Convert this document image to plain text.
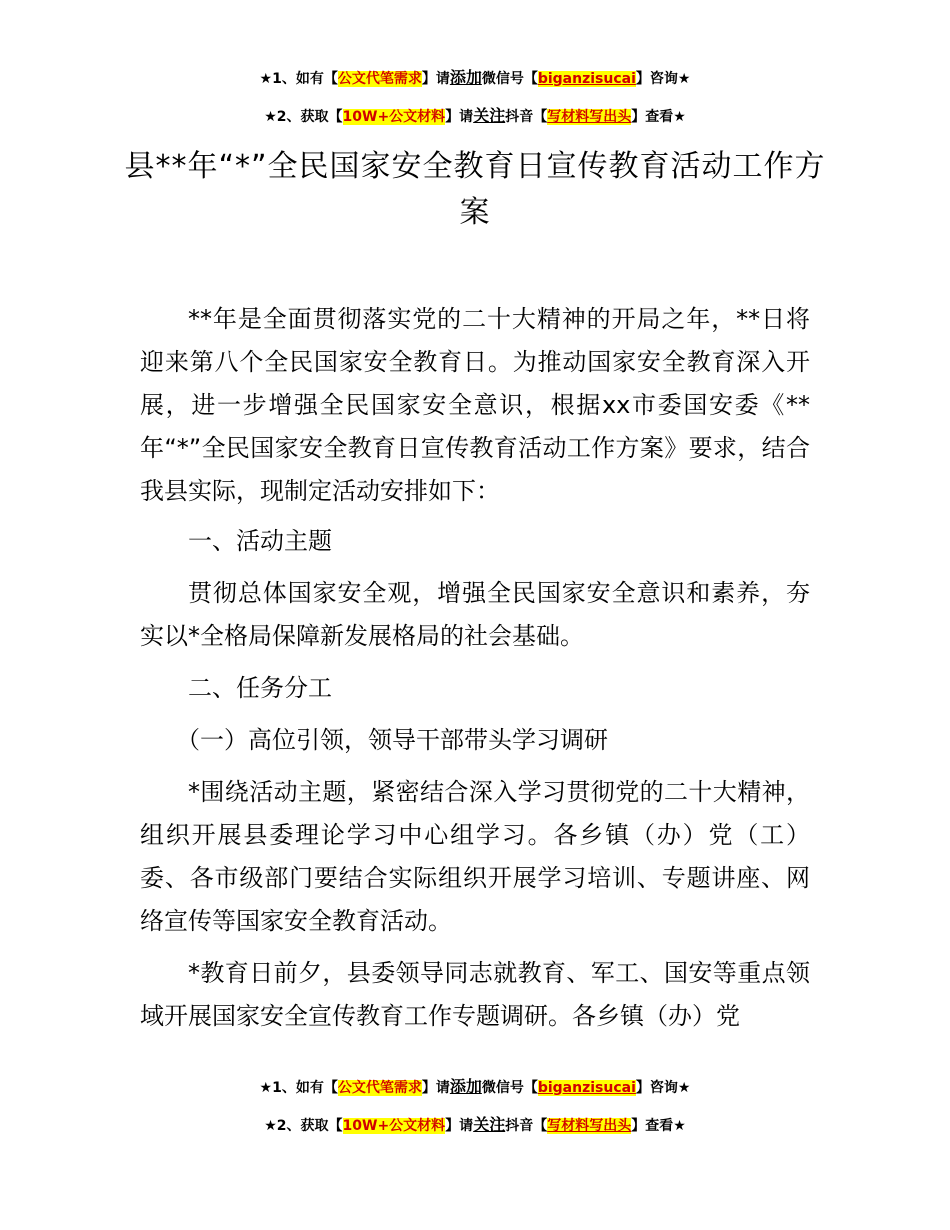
★1、如有【公文代笔需求】请添加微信号【biganzisucai】咨询★
★2、获取【10W+公文材料】请关注抖音【写材料写出头】查看★
县**年“*”全民国家安全教育日宣传教育活动工作方案

**年是全面贯彻落实党的二十大精神的开局之年，**日将迎来第八个全民国家安全教育日。为推动国家安全教育深入开展，进一步增强全民国家安全意识，根据xx市委国安委《**年“*”全民国家安全教育日宣传教育活动工作方案》要求，结合我县实际，现制定活动安排如下：

一、活动主题

贯彻总体国家安全观，增强全民国家安全意识和素养，夯实以*全格局保障新发展格局的社会基础。

二、任务分工

（一）高位引领，领导干部带头学习调研

*围绕活动主题，紧密结合深入学习贯彻党的二十大精神，组织开展县委理论学习中心组学习。各乡镇（办）党（工）委、各市级部门要结合实际组织开展学习培训、专题讲座、网络宣传等国家安全教育活动。

*教育日前夕，县委领导同志就教育、军工、国安等重点领域开展国家安全宣传教育工作专题调研。各乡镇（办）党

★1、如有【公文代笔需求】请添加微信号【biganzisucai】咨询★
★2、获取【10W+公文材料】请关注抖音【写材料写出头】查看★
